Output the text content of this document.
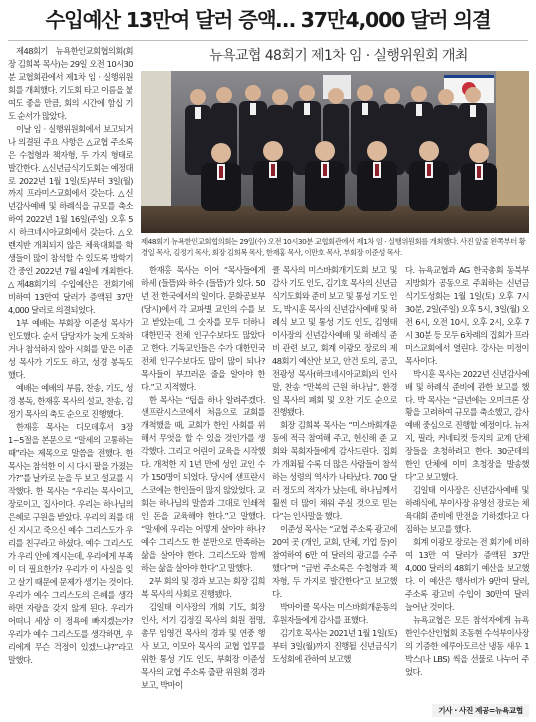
수입예산 13만여 달러 증액… 37만4,000 달러 의결

제48회기 뉴욕한인교회협의회(회장 김희복 목사)는 29일 오전 10시30분 교협회관에서 제1차 임 · 실행위원회를 개최했다. 기도회 타고 이름을 붙여도 좋을 만큼, 회의 시간에 함십 기도 순서가 많았다.

이날 임 · 실행위원회에서 보고되거나 의결된 주요 사항은 △교협 주소록은 수첩형과 책자형, 두 가지 형태로 발간한다. △신년금식기도회는 예정대로 2022년 1월 1일(토)부터 3일(월)까지 프라미스교회에서 갖는다. △신년감사예배 및 하례식을 규모를 축소하여 2022년 1월 16일(주일) 오후 5시 하크네시아교회에서 갖는다. △오렌지반 개최되지 않은 체육대회를 학생들이 많이 참석할 수 있도록 방학기간 중인 2022년 7월 4일에 개최한다. △제48회기의 수입예산은 전회기에 비하여 13만여 달러가 증액된 37만4,000 달러로 의결되었다.

1부 예배는 부회장 이준성 목사가 인도했다. 순서 담당자가 늦게 도착하거나 참석하지 않아 시회를 맡은 이준성 목사가 기도도 하고, 성경 봉독도 했다.

예배는 예배의 부름, 찬송, 기도, 성경 봉독, 한재홍 목사의 설교, 찬송, 김정기 목사의 축도 순으로 진행했다.

한재홍 목사는 디모데후서 3장 1~5절을 본문으로 “말세의 고통하는 때”라는 제목으로 말씀을 전했다. 한 목사는 참석한 이 시 다시 팔을 가졌는가?”를 날카로 눈을 두 보고 설교를 시작했다. 한 목사는 “우리는 목사이고, 장로이고, 집사이다. 우리는 하나님의 은혜로 구원을 받았다. 우리의 죄를 대신 지시고 죽으신 예수 그리스도가 우리를 친구라고 하셨다. 예수 그리스도가 우리 안에 계시는데, 우리에게 부족이 더 필요한가? 우리가 이 사실을 잊고 살기 때문에 문제가 생기는 것이다. 우리가 예수 그리스도의 은혜를 생각하면 자랑을 갖지 않게 된다. 우리가 어떠니 세상 이 정욕에 빠지겠는가? 우리가 예수 그리스도를 생각하면, 우리에게 무슨 걱정이 있겠느냐?”라고 말했다.

뉴욕교협 48회기 제1차 임 · 실행위원회 개최
제48회기 뉴욕한인교회협의회는 29일(수) 오전 10시30분 교협회관에서 제1차 임 · 실행위원회를 개최했다. 사진 앞줄 왼쪽부터 황경일 목사, 김정기 목사, 회장 김희복 목사, 한재홍 목사, 이만호 목사, 부회장 이준성 목사.

한재홍 목사는 이어 “목사들에게 하세 (들뜸)와 하수 (들뜸)가 있다. 50년 전 한국에서의 일이다. 문화공보부 (당시)에서 각 교파별 교인의 수를 보고 받았는데, 그 숫자를 모두 더하니 대한민국 전체 인구수보다도 많았다고 한다. 기독교인들은 수가 대한민국 전체 인구수보다도 많이 많이 되나? 목사들이 부끄러운 줄을 알아야 한다.”고 지적했다.

한 목사는 “팁을 하나 알려주겠다. 샌프란시스코에서 처음으로 교회를 개척했을 때, 교회가 한인 사회를 위해서 무엇을 할 수 있을 것인가를 생각했다. 그리고 어린이 교육을 시작했다. 개척한 지 1년 만에 성인 교인 수가 150명이 되었다. 당시에 샌프란시스코에는 한인들이 많지 않았었다. 교회는 하나님의 말씀과 그대로 인쇄적인 돈을 교육해야 한다.”고 말했다. “말세에 우리는 어떻게 살아야 하나? 예수 그리스도 한 분만으로 만족하는 삶을 살아야 한다. 그리스도와 함께 하는 삶을 살아야 한다”고 말했다.

2부 회의 및 경과 보고는 회장 김희복 목사의 사회로 진행됐다.

김일태 이사장의 개회 기도, 회장 인사, 서기 김정길 목사의 회원 점명, 총무 임영건 목사의 경과 및 연중 행사 보고, 이모아 목사의 교협 업무를 위한 통성 기도 인도, 부회장 이준성 목사의 교협 주소록 출판 위원회 경과 보고, 박마이

클 목사의 미스바회개기도회 보고 및 감사 기도 인도, 김기호 목사의 신년금식기도회와 준비 보고 및 통성 기도 인도, 박시훈 목사의 신년감사예배 및 하례식 보고 및 통성 기도 인도, 김영태 이사장의 신년감사예배 및 하례식 준비 관련 보고, 회계 이광모 장로의 제48회기 예산안 보고, 안건 토의, 공고, 전광성 목사(하크네시아교회)의 인사말, 찬송 “만복의 근원 하나님”, 환경일 목사의 폐회 및 오찬 기도 순으로 진행됐다.

회장 김희복 목사는 “미스바회개운동에 적극 참여해 주고, 헌신해 준 교회와 목회자들에게 감사드린다. 집회가 개최될 수록 더 많은 사람들이 참석하는 성령의 역사가 나타났다. 700 달러 정도의 적자가 났는데, 하나님께서 훨씬 더 많이 채워 주실 것으로 믿는다”는 인사말을 했다.

이준성 목사는 “교협 주소록 광고에 20여 곳 (개인, 교회, 단체, 기업 등)이 참여하여 6만 여 달러의 광고를 수주했다”며 “금번 주소록은 수첩형과 책자형, 두 가지로 발간한다”고 보고했다.

박마이클 목사는 미스바회개운동의 후원자들에게 감사를 표했다.

김기호 목사는 2021년 1월 1일(토)부터 3일(월)까지 진행될 신년금식기도성회에 관하여 보고했

다. 뉴욕교협과 AG 한국총회 동북부지방회가 공동으로 주최하는 신년금식기도성회는 1월 1일(토) 오후 7시 30분, 2일(주일) 오후 5시, 3일(월) 오전 6시, 오전 10시, 오후 2시, 오후 7시 30분 등 모두 6차례의 집회가 프라미스교회에서 열린다. 강사는 미정이 목사이다.

박시훈 목사는 2022년 신년감사예배 및 하례식 준비에 관한 보고를 했다. 박 목사는 “금년에는 오미크론 상황을 고려하여 규모를 축소했고, 감사예배 중심으로 진행할 예정이다. 뉴저지, 필라, 커네티컷 등지의 교계 단체장들을 초청하려고 한다. 30군데의 한인 단체에 이미 초청장을 발송했다”고 보고했다.

김일태 이사장은 신년감사예배 및 하례식에, 부이사장 유영선 장로는 체육대회 준비에 만전을 기하겠다고 다짐하는 보고를 했다.

회계 이광모 장로는 전 회기에 비하여 13만 여 달러가 증액된 37만4,000 달러의 48회기 예산을 보고했다. 이 예산은 행사비가 9만여 달러, 주소록 광고비 수입이 30만여 달러 늘어난 것이다.

뉴욕교협은 모든 참석자에게 뉴욕한인수산인협회 조동현 수석부이사장의 기증한 에루아도르산 냉동 새우 1박스(나 LBS) 씩을 선물로 나누어 주었다.

기사 · 사진 제공=뉴욕교협
